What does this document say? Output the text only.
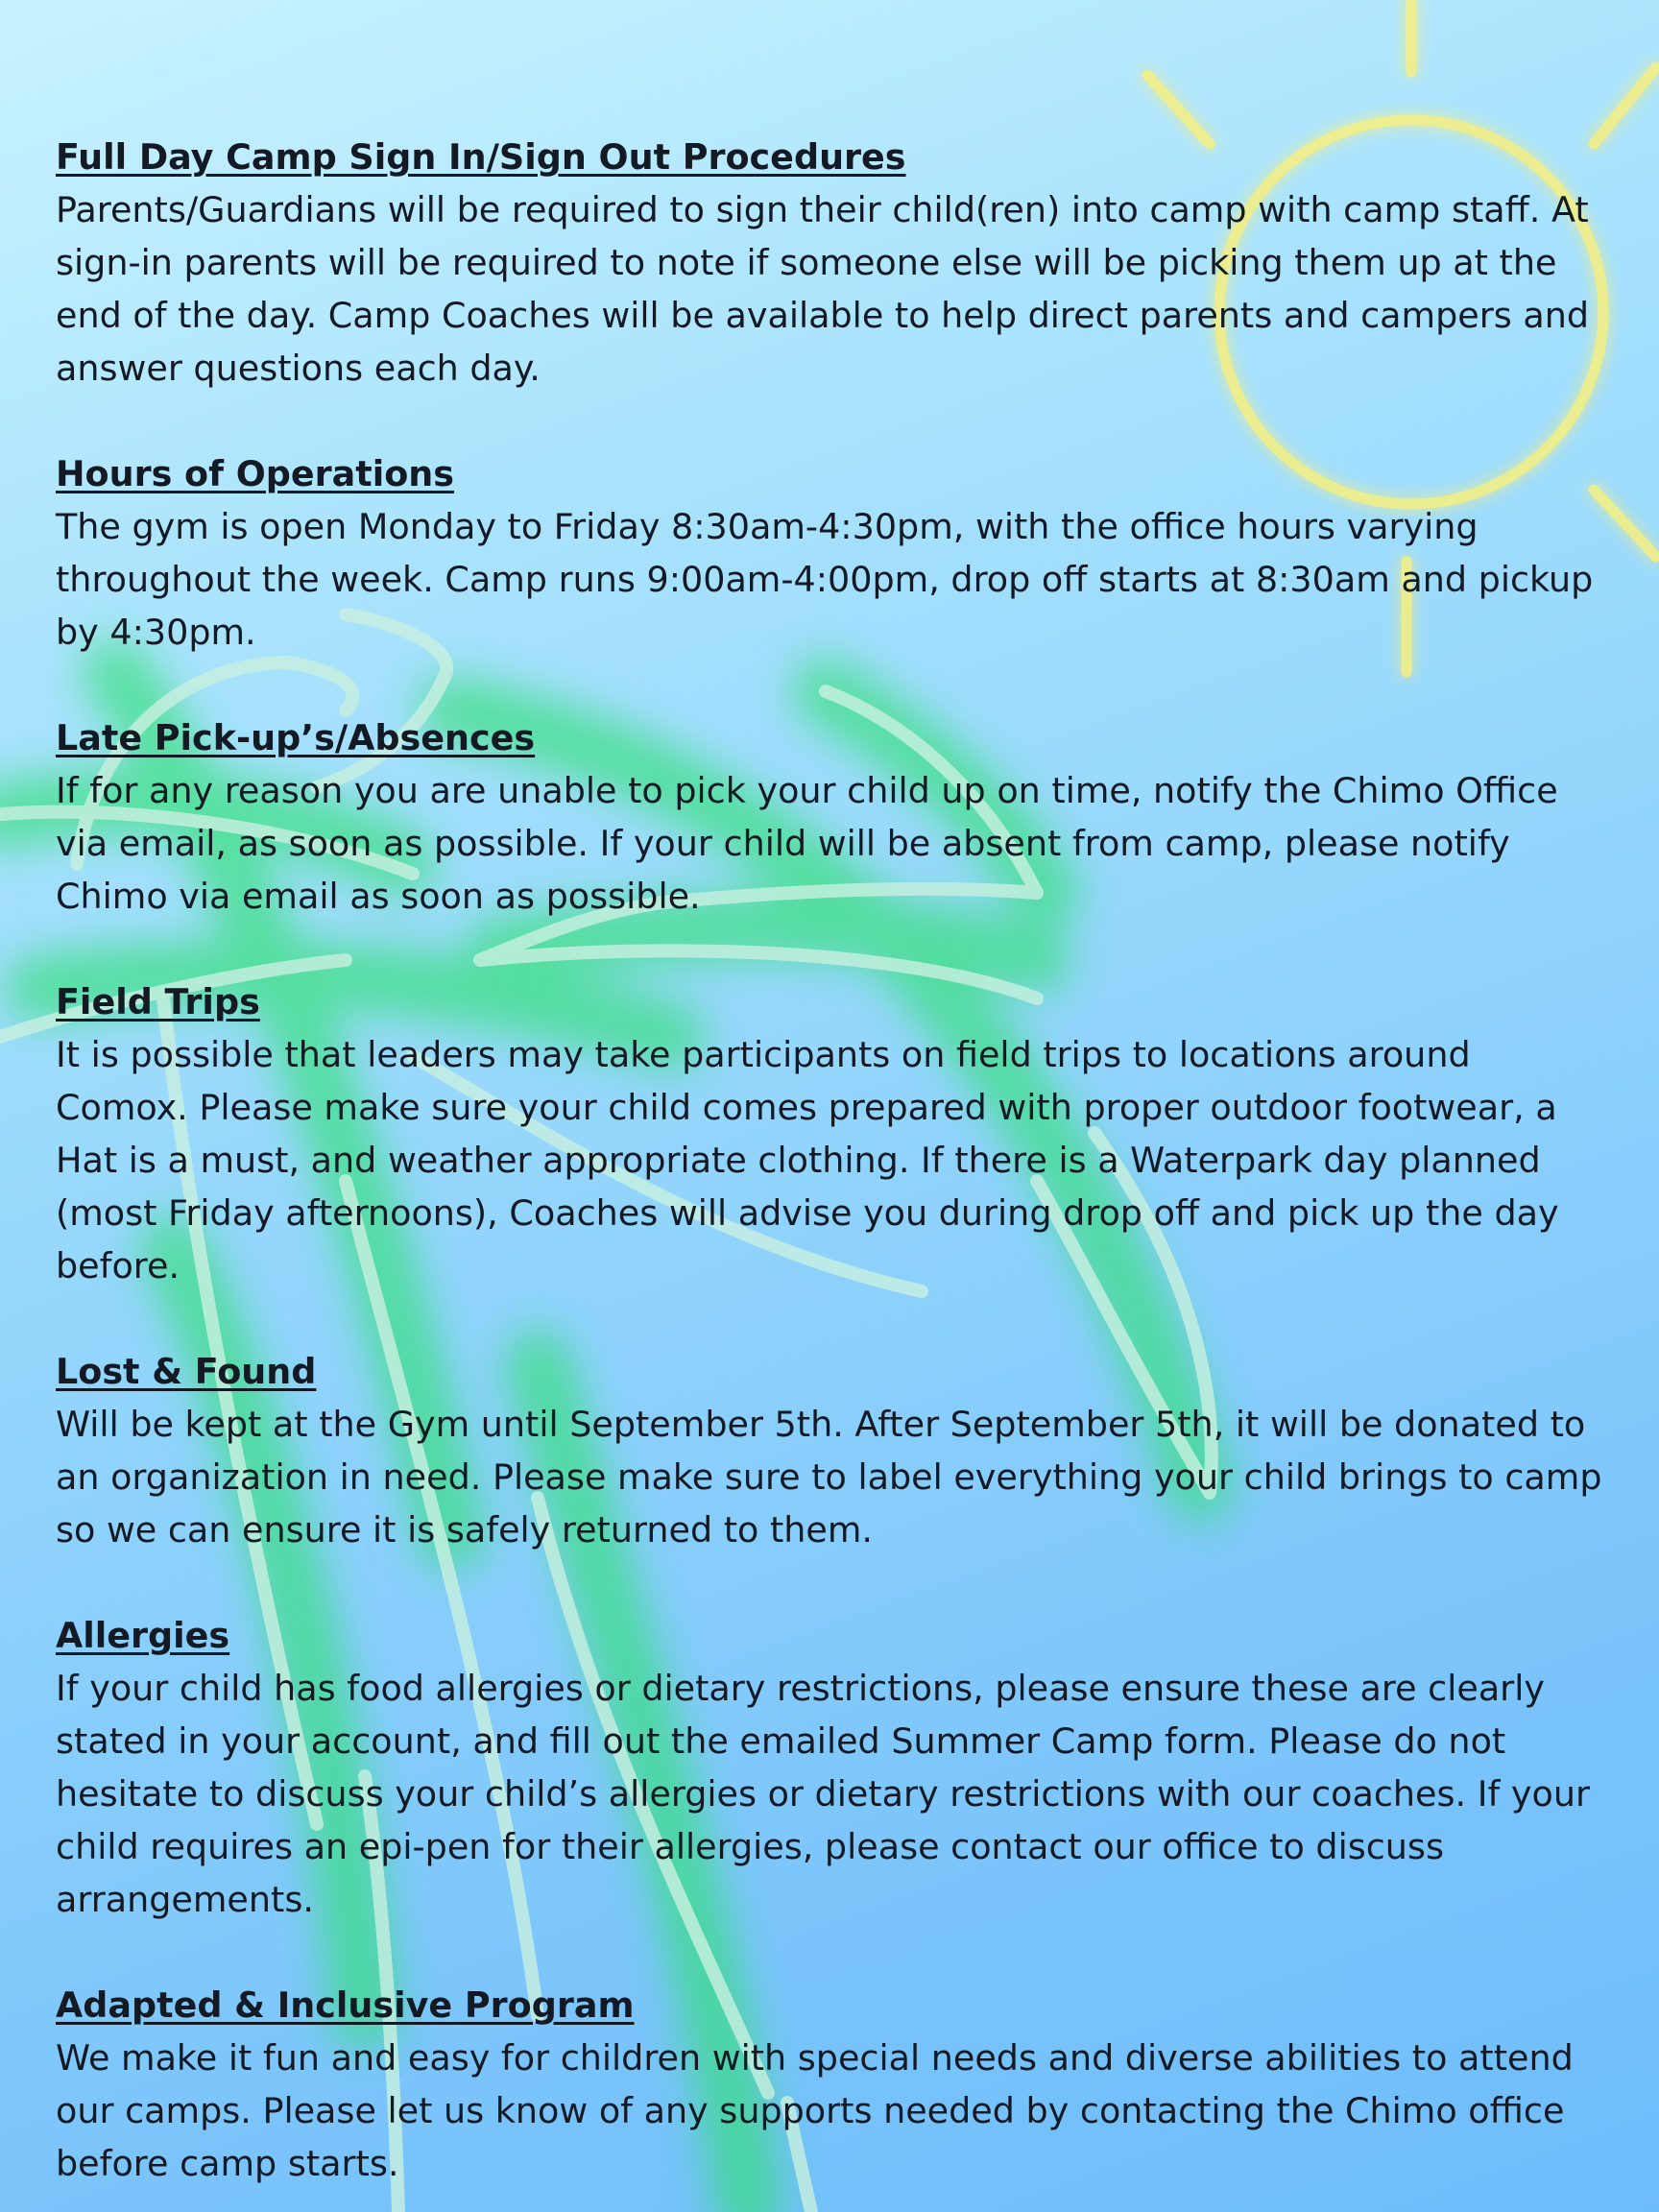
Full Day Camp Sign In/Sign Out Procedures

Parents/Guardians will be required to sign their child(ren) into camp with camp staff. At sign-in parents will be required to note if someone else will be picking them up at the end of the day. Camp Coaches will be available to help direct parents and campers and answer questions each day.

Hours of Operations

The gym is open Monday to Friday 8:30am-4:30pm, with the office hours varying throughout the week. Camp runs 9:00am-4:00pm, drop off starts at 8:30am and pickup by 4:30pm.

Late Pick-up’s/Absences

If for any reason you are unable to pick your child up on time, notify the Chimo Office via email, as soon as possible. If your child will be absent from camp, please notify Chimo via email as soon as possible.

Field Trips

It is possible that leaders may take participants on field trips to locations around Comox. Please make sure your child comes prepared with proper outdoor footwear, a Hat is a must, and weather appropriate clothing. If there is a Waterpark day planned (most Friday afternoons), Coaches will advise you during drop off and pick up the day before.

Lost & Found

Will be kept at the Gym until September 5th. After September 5th, it will be donated to an organization in need. Please make sure to label everything your child brings to camp so we can ensure it is safely returned to them.

Allergies

If your child has food allergies or dietary restrictions, please ensure these are clearly stated in your account, and fill out the emailed Summer Camp form. Please do not hesitate to discuss your child’s allergies or dietary restrictions with our coaches. If your child requires an epi-pen for their allergies, please contact our office to discuss arrangements.

Adapted & Inclusive Program

We make it fun and easy for children with special needs and diverse abilities to attend our camps. Please let us know of any supports needed by contacting the Chimo office before camp starts.
